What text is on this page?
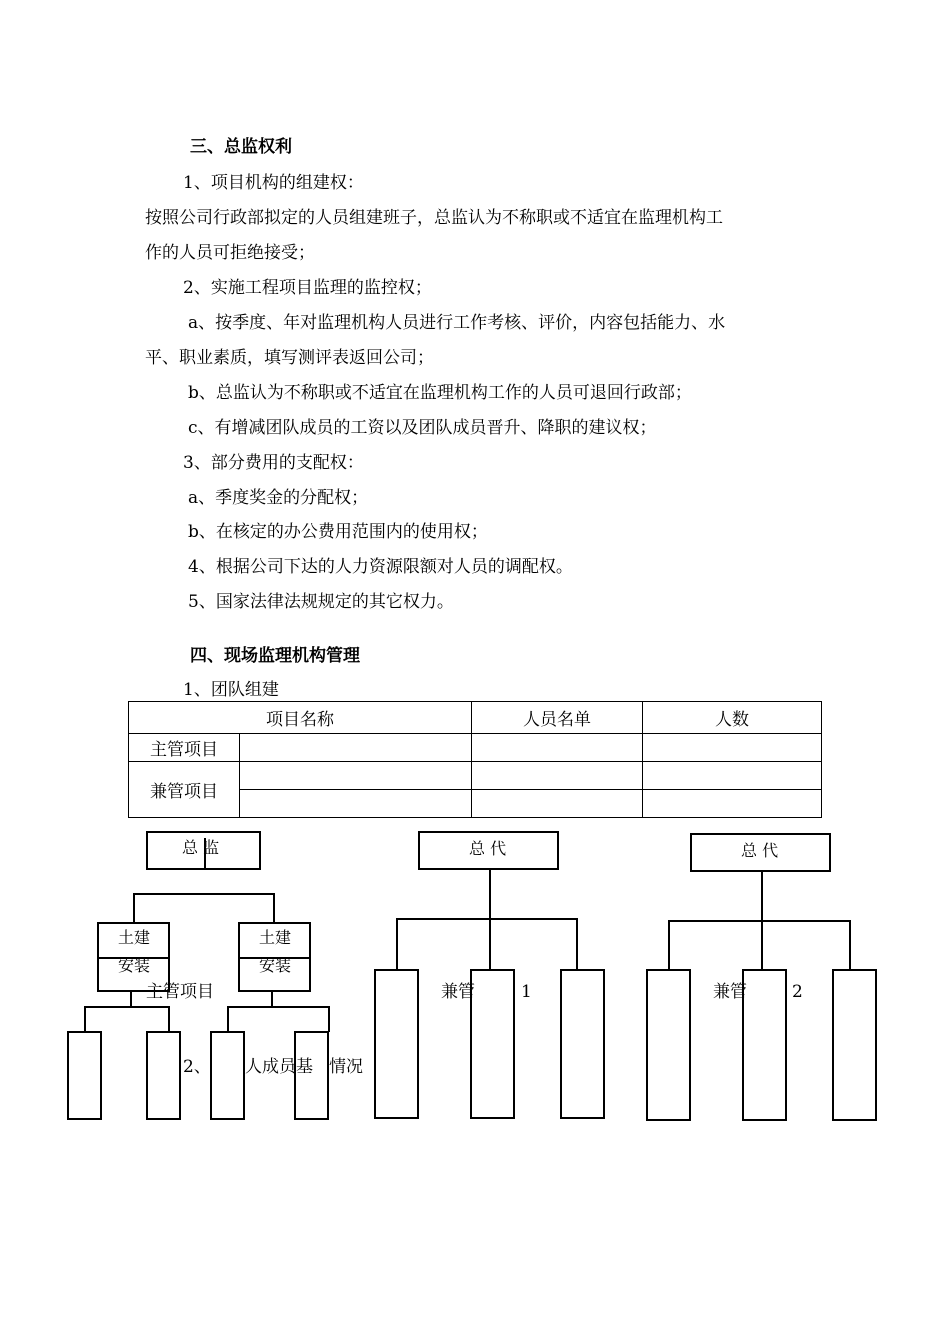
三、总监权利
1、项目机构的组建权：
按照公司行政部拟定的人员组建班子，总监认为不称职或不适宜在监理机构工
作的人员可拒绝接受；
2、实施工程项目监理的监控权；
a、按季度、年对监理机构人员进行工作考核、评价，内容包括能力、水
平、职业素质，填写测评表返回公司；
b、总监认为不称职或不适宜在监理机构工作的人员可退回行政部；
c、有增减团队成员的工资以及团队成员晋升、降职的建议权；
3、部分费用的支配权：
a、季度奖金的分配权；
b、在核定的办公费用范围内的使用权；
4、根据公司下达的人力资源限额对人员的调配权。
5、国家法律法规规定的其它权力。
四、现场监理机构管理
1、团队组建
项目名称		人员名单	人数
主管项目			
兼管项目			

总 监
土建
安装
土建
安装
主管项目
2、 人成员基 情况
总 代
兼管	1
总 代
兼管	2
